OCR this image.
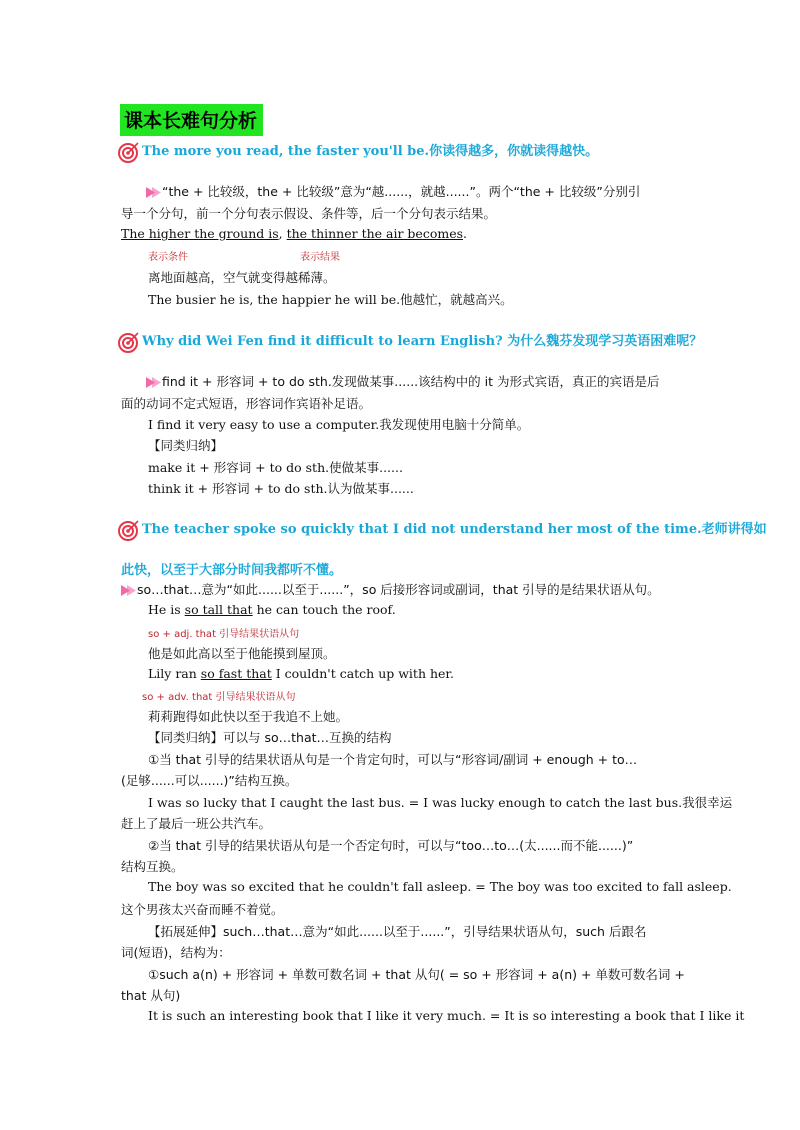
课本长难句分析
The more you read, the faster you'll be.你读得越多，你就读得越快。
“the + 比较级，the + 比较级”意为“越......，就越......”。两个“the + 比较级”分别引
导一个分句，前一个分句表示假设、条件等，后一个分句表示结果。
The higher the ground is, the thinner the air becomes.
表示条件	表示结果
离地面越高，空气就变得越稀薄。
The busier he is, the happier he will be.他越忙，就越高兴。
Why did Wei Fen find it difficult to learn English? 为什么魏芬发现学习英语困难呢？
find it + 形容词 + to do sth.发现做某事......该结构中的 it 为形式宾语，真正的宾语是后
面的动词不定式短语，形容词作宾语补足语。
I find it very easy to use a computer.我发现使用电脑十分简单。
【同类归纳】
make it + 形容词 + to do sth.使做某事......
think it + 形容词 + to do sth.认为做某事......
The teacher spoke so quickly that I did not understand her most of the time.老师讲得如
此快，以至于大部分时间我都听不懂。
so…that…意为“如此......以至于......”，so 后接形容词或副词，that 引导的是结果状语从句。
He is so tall that he can touch the roof.
so + adj. that 引导结果状语从句
他是如此高以至于他能摸到屋顶。
Lily ran so fast that I couldn't catch up with her.
so + adv. that 引导结果状语从句
莉莉跑得如此快以至于我追不上她。
【同类归纳】可以与 so…that…互换的结构
①当 that 引导的结果状语从句是一个肯定句时，可以与“形容词/副词 + enough + to…
(足够......可以......)”结构互换。
I was so lucky that I caught the last bus. = I was lucky enough to catch the last bus.我很幸运
赶上了最后一班公共汽车。
②当 that 引导的结果状语从句是一个否定句时，可以与“too…to…(太......而不能......)”
结构互换。
The boy was so excited that he couldn't fall asleep. = The boy was too excited to fall asleep.
这个男孩太兴奋而睡不着觉。
【拓展延伸】such…that…意为“如此......以至于......”，引导结果状语从句，such 后跟名
词(短语)，结构为：
①such a(n) + 形容词 + 单数可数名词 + that 从句( = so + 形容词 + a(n) + 单数可数名词 +
that 从句)
It is such an interesting book that I like it very much. = It is so interesting a book that I like it
